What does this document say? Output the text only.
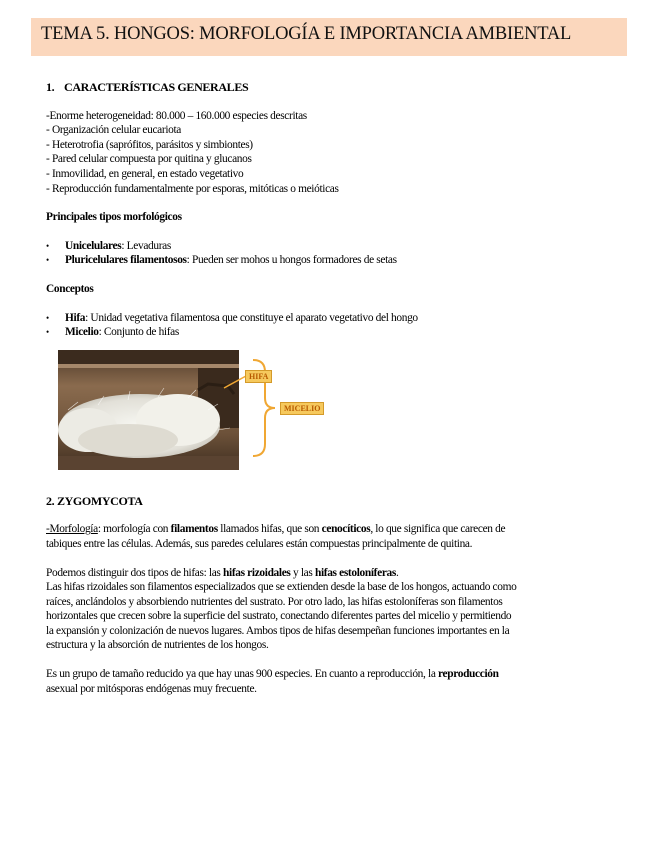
TEMA 5. HONGOS: MORFOLOGÍA E IMPORTANCIA AMBIENTAL
1. CARACTERÍSTICAS GENERALES
-Enorme heterogeneidad: 80.000 – 160.000 especies descritas
- Organización celular eucariota
- Heterotrofia (saprófitos, parásitos y simbiontes)
- Pared celular compuesta por quitina y glucanos
- Inmovilidad, en general, en estado vegetativo
- Reproducción fundamentalmente por esporas, mitóticas o meióticas
Principales tipos morfológicos
• Unicelulares: Levaduras
• Pluricelulares filamentosos: Pueden ser mohos u hongos formadores de setas
Conceptos
• Hifa: Unidad vegetativa filamentosa que constituye el aparato vegetativo del hongo
• Micelio: Conjunto de hifas
HIFA
MICELIO
2. ZYGOMYCOTA
-Morfología: morfología con filamentos llamados hifas, que son cenocíticos, lo que significa que carecen de
tabiques entre las células. Además, sus paredes celulares están compuestas principalmente de quitina.
Podemos distinguir dos tipos de hifas: las hifas rizoidales y las hifas estoloníferas.
Las hifas rizoidales son filamentos especializados que se extienden desde la base de los hongos, actuando como
raíces, anclándolos y absorbiendo nutrientes del sustrato. Por otro lado, las hifas estoloníferas son filamentos
horizontales que crecen sobre la superficie del sustrato, conectando diferentes partes del micelio y permitiendo
la expansión y colonización de nuevos lugares. Ambos tipos de hifas desempeñan funciones importantes en la
estructura y la absorción de nutrientes de los hongos.
Es un grupo de tamaño reducido ya que hay unas 900 especies. En cuanto a reproducción, la reproducción
asexual por mitósporas endógenas muy frecuente.
